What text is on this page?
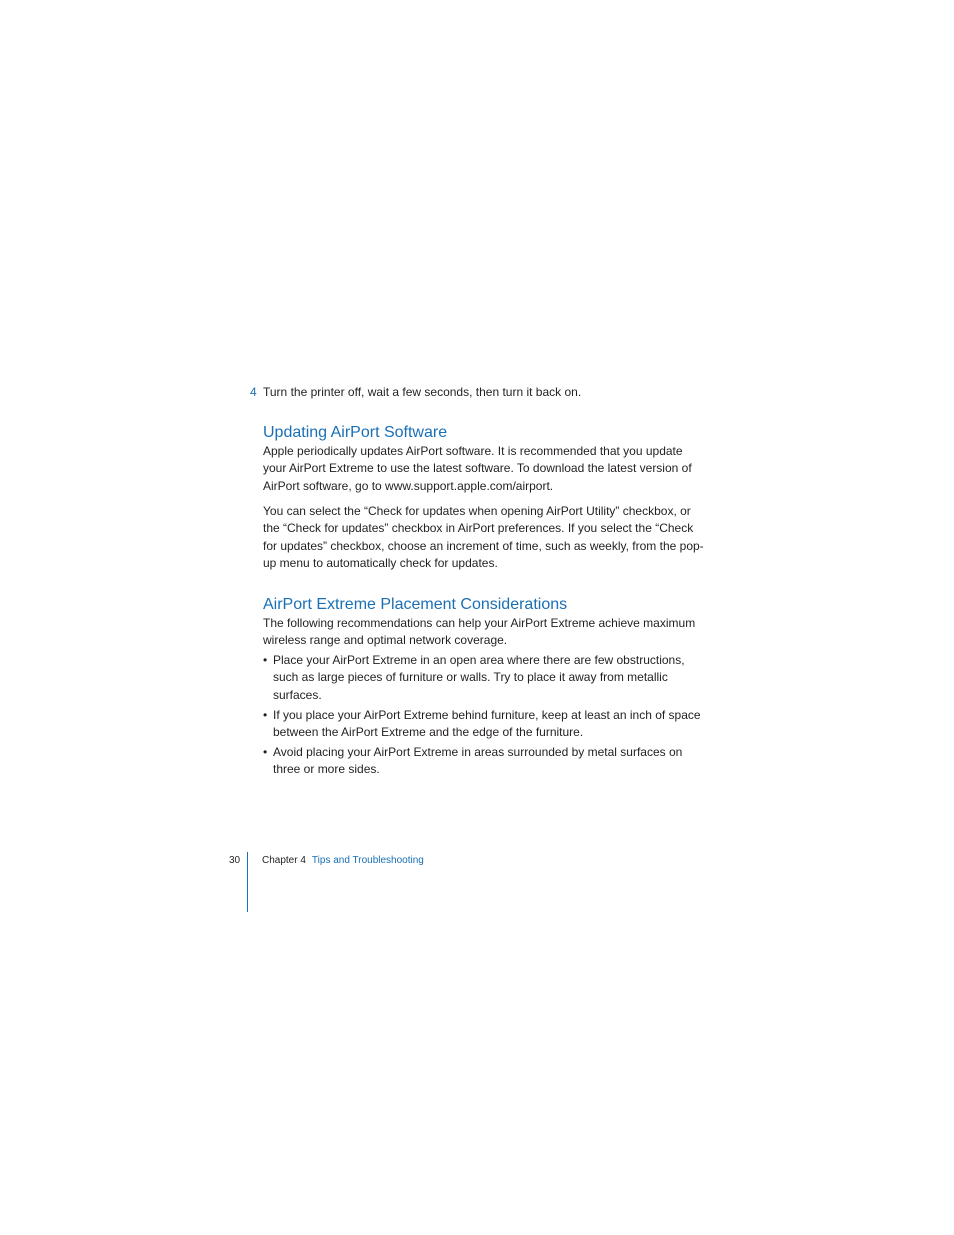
4 Turn the printer off, wait a few seconds, then turn it back on.
Updating AirPort Software

Apple periodically updates AirPort software. It is recommended that you update your AirPort Extreme to use the latest software. To download the latest version of AirPort software, go to www.support.apple.com/airport.

You can select the “Check for updates when opening AirPort Utility” checkbox, or the “Check for updates” checkbox in AirPort preferences. If you select the “Check for updates” checkbox, choose an increment of time, such as weekly, from the pop-up menu to automatically check for updates.

AirPort Extreme Placement Considerations

The following recommendations can help your AirPort Extreme achieve maximum wireless range and optimal network coverage.

• Place your AirPort Extreme in an open area where there are few obstructions, such as large pieces of furniture or walls. Try to place it away from metallic surfaces.
• If you place your AirPort Extreme behind furniture, keep at least an inch of space between the AirPort Extreme and the edge of the furniture.
• Avoid placing your AirPort Extreme in areas surrounded by metal surfaces on three or more sides.
30 Chapter 4 Tips and Troubleshooting
